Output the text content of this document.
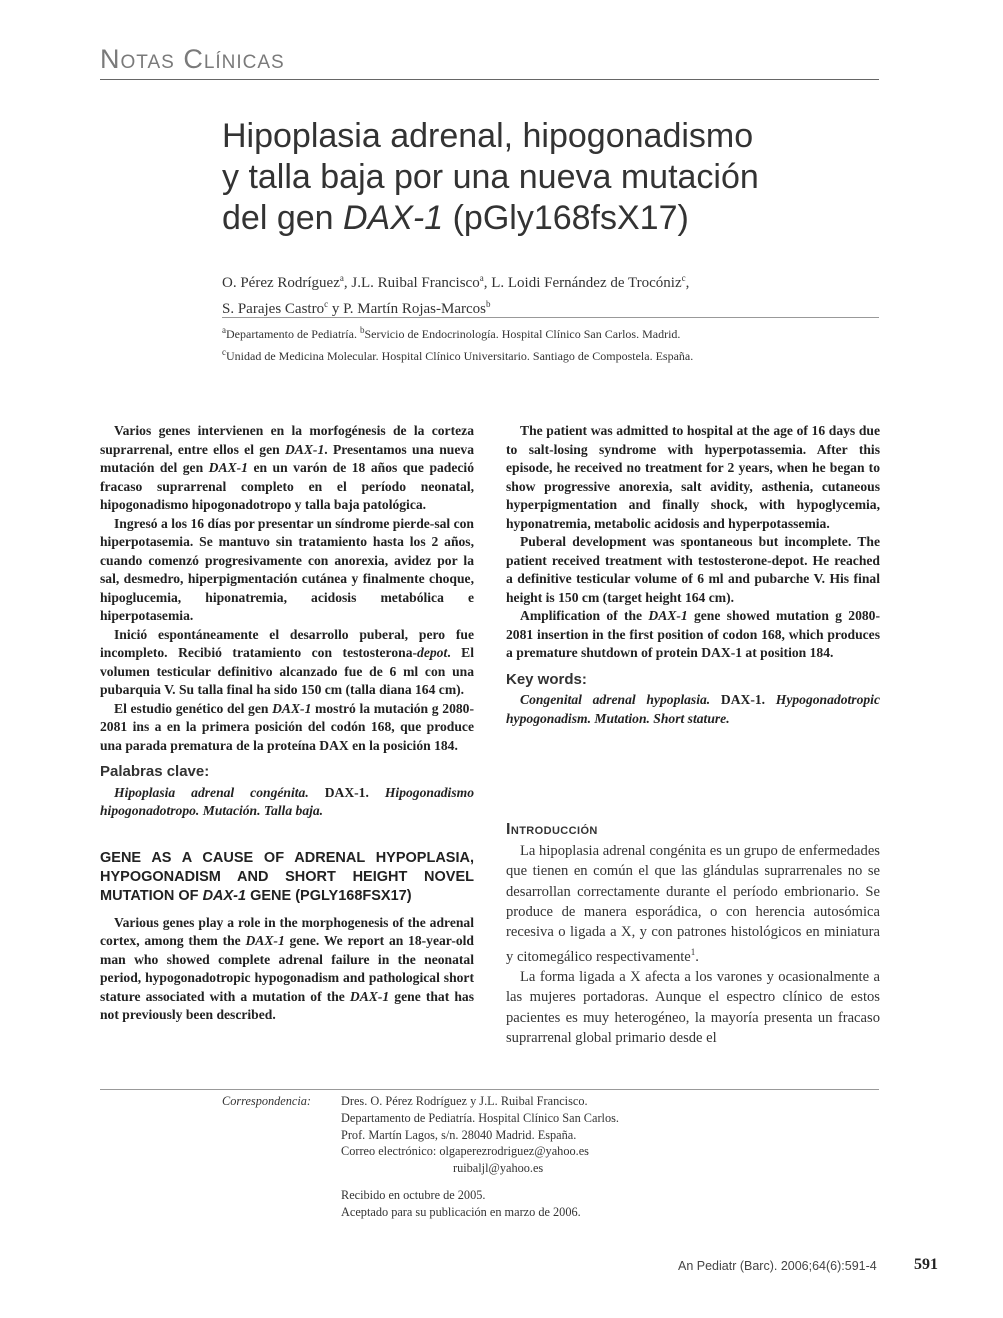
Notas Clínicas
Hipoplasia adrenal, hipogonadismo
y talla baja por una nueva mutación
del gen DAX-1 (pGly168fsX17)
O. Pérez Rodríguez$^a$, J.L. Ruibal Francisco$^a$, L. Loidi Fernández de Trocóniz$^c$,
S. Parajes Castro$^c$ y P. Martín Rojas-Marcos$^b$
$^a$Departamento de Pediatría. $^b$Servicio de Endocrinología. Hospital Clínico San Carlos. Madrid.
$^c$Unidad de Medicina Molecular. Hospital Clínico Universitario. Santiago de Compostela. España.

Varios genes intervienen en la morfogénesis de la corteza suprarrenal, entre ellos el gen DAX-1. Presentamos una nueva mutación del gen DAX-1 en un varón de 18 años que padeció fracaso suprarrenal completo en el período neonatal, hipogonadismo hipogonadotropo y talla baja patológica.

Ingresó a los 16 días por presentar un síndrome pierde-sal con hiperpotasemia. Se mantuvo sin tratamiento hasta los 2 años, cuando comenzó progresivamente con anorexia, avidez por la sal, desmedro, hiperpigmentación cutánea y finalmente choque, hipoglucemia, hiponatremia, acidosis metabólica e hiperpotasemia.

Inició espontáneamente el desarrollo puberal, pero fue incompleto. Recibió tratamiento con testosterona-depot. El volumen testicular definitivo alcanzado fue de 6 ml con una pubarquia V. Su talla final ha sido 150 cm (talla diana 164 cm).

El estudio genético del gen DAX-1 mostró la mutación g 2080-2081 ins a en la primera posición del codón 168, que produce una parada prematura de la proteína DAX en la posición 184.

Palabras clave:

Hipoplasia adrenal congénita. DAX-1. Hipogonadismo hipogonadotropo. Mutación. Talla baja.

GENE AS A CAUSE OF ADRENAL HYPOPLASIA, HYPOGONADISM AND SHORT HEIGHT NOVEL MUTATION OF DAX-1 GENE (PGLY168FSX17)

Various genes play a role in the morphogenesis of the adrenal cortex, among them the DAX-1 gene. We report an 18-year-old man who showed complete adrenal failure in the neonatal period, hypogonadotropic hypogonadism and pathological short stature associated with a mutation of the DAX-1 gene that has not previously been described.

The patient was admitted to hospital at the age of 16 days due to salt-losing syndrome with hyperpotassemia. After this episode, he received no treatment for 2 years, when he began to show progressive anorexia, salt avidity, asthenia, cutaneous hyperpigmentation and finally shock, with hypoglycemia, hyponatremia, metabolic acidosis and hyperpotassemia.

Puberal development was spontaneous but incomplete. The patient received treatment with testosterone-depot. He reached a definitive testicular volume of 6 ml and pubarche V. His final height is 150 cm (target height 164 cm).

Amplification of the DAX-1 gene showed mutation g 2080-2081 insertion in the first position of codon 168, which produces a premature shutdown of protein DAX-1 at position 184.

Key words:

Congenital adrenal hypoplasia. DAX-1. Hypogonadotropic hypogonadism. Mutation. Short stature.

Introducción

La hipoplasia adrenal congénita es un grupo de enfermedades que tienen en común el que las glándulas suprarrenales no se desarrollan correctamente durante el período embrionario. Se produce de manera esporádica, o con herencia autosómica recesiva o ligada a X, y con patrones histológicos en miniatura y citomegálico respectivamente$^1$.

La forma ligada a X afecta a los varones y ocasionalmente a las mujeres portadoras. Aunque el espectro clínico de estos pacientes es muy heterogéneo, la mayoría presenta un fracaso suprarrenal global primario desde el

Correspondencia: Dres. O. Pérez Rodríguez y J.L. Ruibal Francisco.
Departamento de Pediatría. Hospital Clínico San Carlos.
Prof. Martín Lagos, s/n. 28040 Madrid. España.
Correo electrónico: olgaperezrodriguez@yahoo.es
ruibaljl@yahoo.es
Recibido en octubre de 2005.
Aceptado para su publicación en marzo de 2006.
An Pediatr (Barc). 2006;64(6):591-4 591
